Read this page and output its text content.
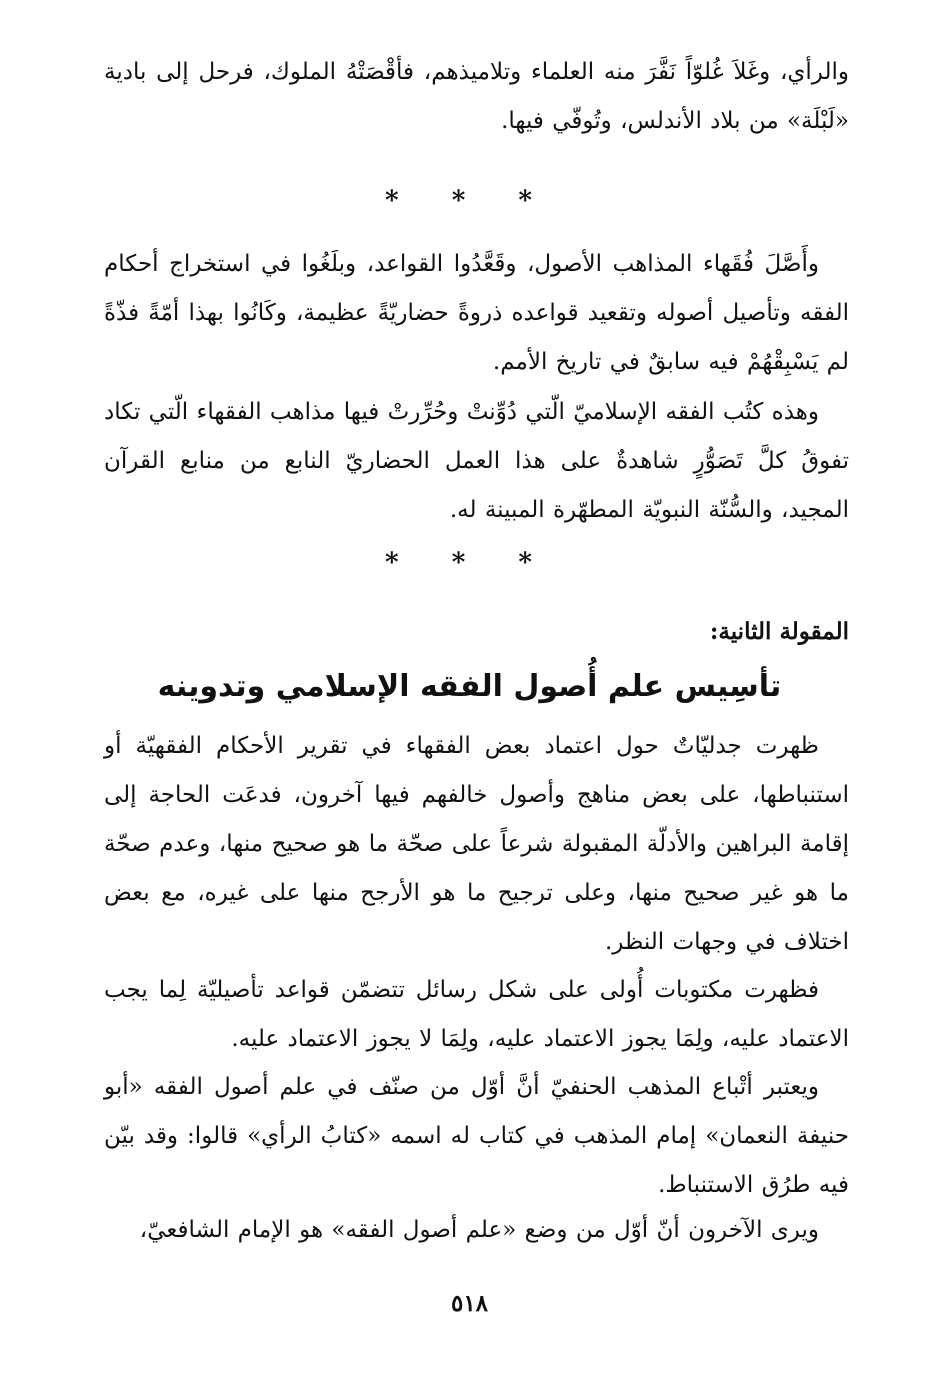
والرأي، وغَلاَ غُلوّاً نَفَّرَ منه العلماء وتلاميذهم، فأقْصَتْهُ الملوك، فرحل إلى بادية «لَبْلَة» من بلاد الأندلس، وتُوفّي فيها.

* * *

وأَصَّلَ فُقَهاء المذاهب الأصول، وقَعَّدُوا القواعد، وبلَغُوا في استخراج أحكام الفقه وتأصيل أصوله وتقعيد قواعده ذروةً حضاريّةً عظيمة، وكَانُوا بهذا أمّةً فذّةً لم يَسْبِقْهُمْ فيه سابقٌ في تاريخ الأمم.

وهذه كتُب الفقه الإسلاميّ الّتي دُوِّنتْ وحُرِّرتْ فيها مذاهب الفقهاء الّتي تكاد تفوقُ كلَّ تَصَوُّرٍ شاهدةٌ على هذا العمل الحضاريّ النابع من منابع القرآن المجيد، والسُّنّة النبويّة المطهّرة المبينة له.

* * *
المقولة الثانية:
تأسِيس علم أُصول الفقه الإسلامي وتدوينه

ظهرت جدليّاتٌ حول اعتماد بعض الفقهاء في تقرير الأحكام الفقهيّة أو استنباطها، على بعض مناهج وأصول خالفهم فيها آخرون، فدعَت الحاجة إلى إقامة البراهين والأدلّة المقبولة شرعاً على صحّة ما هو صحيح منها، وعدم صحّة ما هو غير صحيح منها، وعلى ترجيح ما هو الأرجح منها على غيره، مع بعض اختلاف في وجهات النظر.

فظهرت مكتوبات أُولى على شكل رسائل تتضمّن قواعد تأصيليّة لِما يجب الاعتماد عليه، ولِمَا يجوز الاعتماد عليه، ولِمَا لا يجوز الاعتماد عليه.

ويعتبر أتْباع المذهب الحنفيّ أنَّ أوّل من صنّف في علم أصول الفقه «أبو حنيفة النعمان» إمام المذهب في كتاب له اسمه «كتابُ الرأي» قالوا: وقد بيّن فيه طرُق الاستنباط.

ويرى الآخرون أنّ أوّل من وضع «علم أصول الفقه» هو الإمام الشافعيّ،

٥١٨
